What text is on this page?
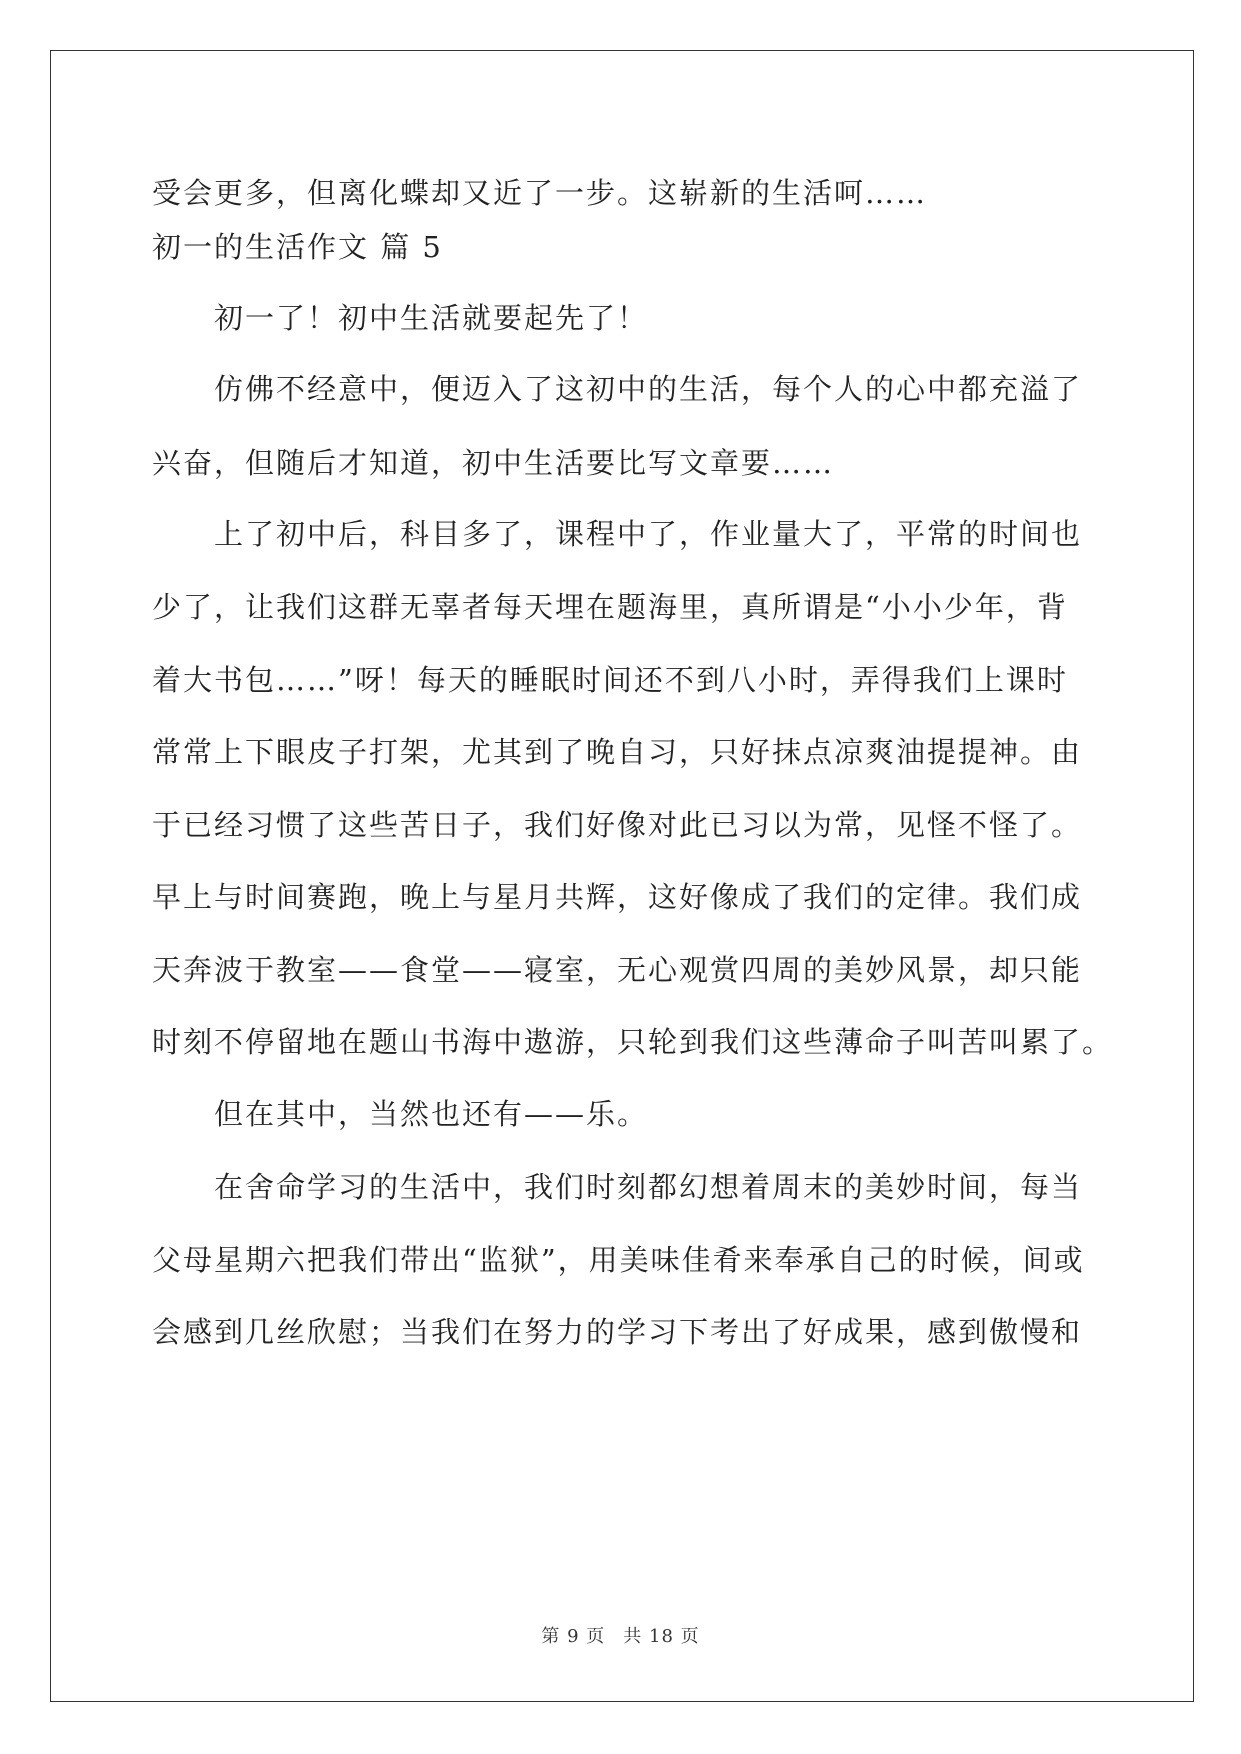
受会更多，但离化蝶却又近了一步。这崭新的生活呵……
初一的生活作文 篇 5
初一了！初中生活就要起先了！
仿佛不经意中，便迈入了这初中的生活，每个人的心中都充溢了
兴奋，但随后才知道，初中生活要比写文章要……
上了初中后，科目多了，课程中了，作业量大了，平常的时间也
少了，让我们这群无辜者每天埋在题海里，真所谓是“小小少年，背
着大书包……”呀！每天的睡眠时间还不到八小时，弄得我们上课时
常常上下眼皮子打架，尤其到了晚自习，只好抹点凉爽油提提神。由
于已经习惯了这些苦日子，我们好像对此已习以为常，见怪不怪了。
早上与时间赛跑，晚上与星月共辉，这好像成了我们的定律。我们成
天奔波于教室——食堂——寝室，无心观赏四周的美妙风景，却只能
时刻不停留地在题山书海中遨游，只轮到我们这些薄命子叫苦叫累了。
但在其中，当然也还有——乐。
在舍命学习的生活中，我们时刻都幻想着周末的美妙时间，每当
父母星期六把我们带出“监狱”，用美味佳肴来奉承自己的时候，间或
会感到几丝欣慰；当我们在努力的学习下考出了好成果，感到傲慢和
第 9 页 共 18 页
